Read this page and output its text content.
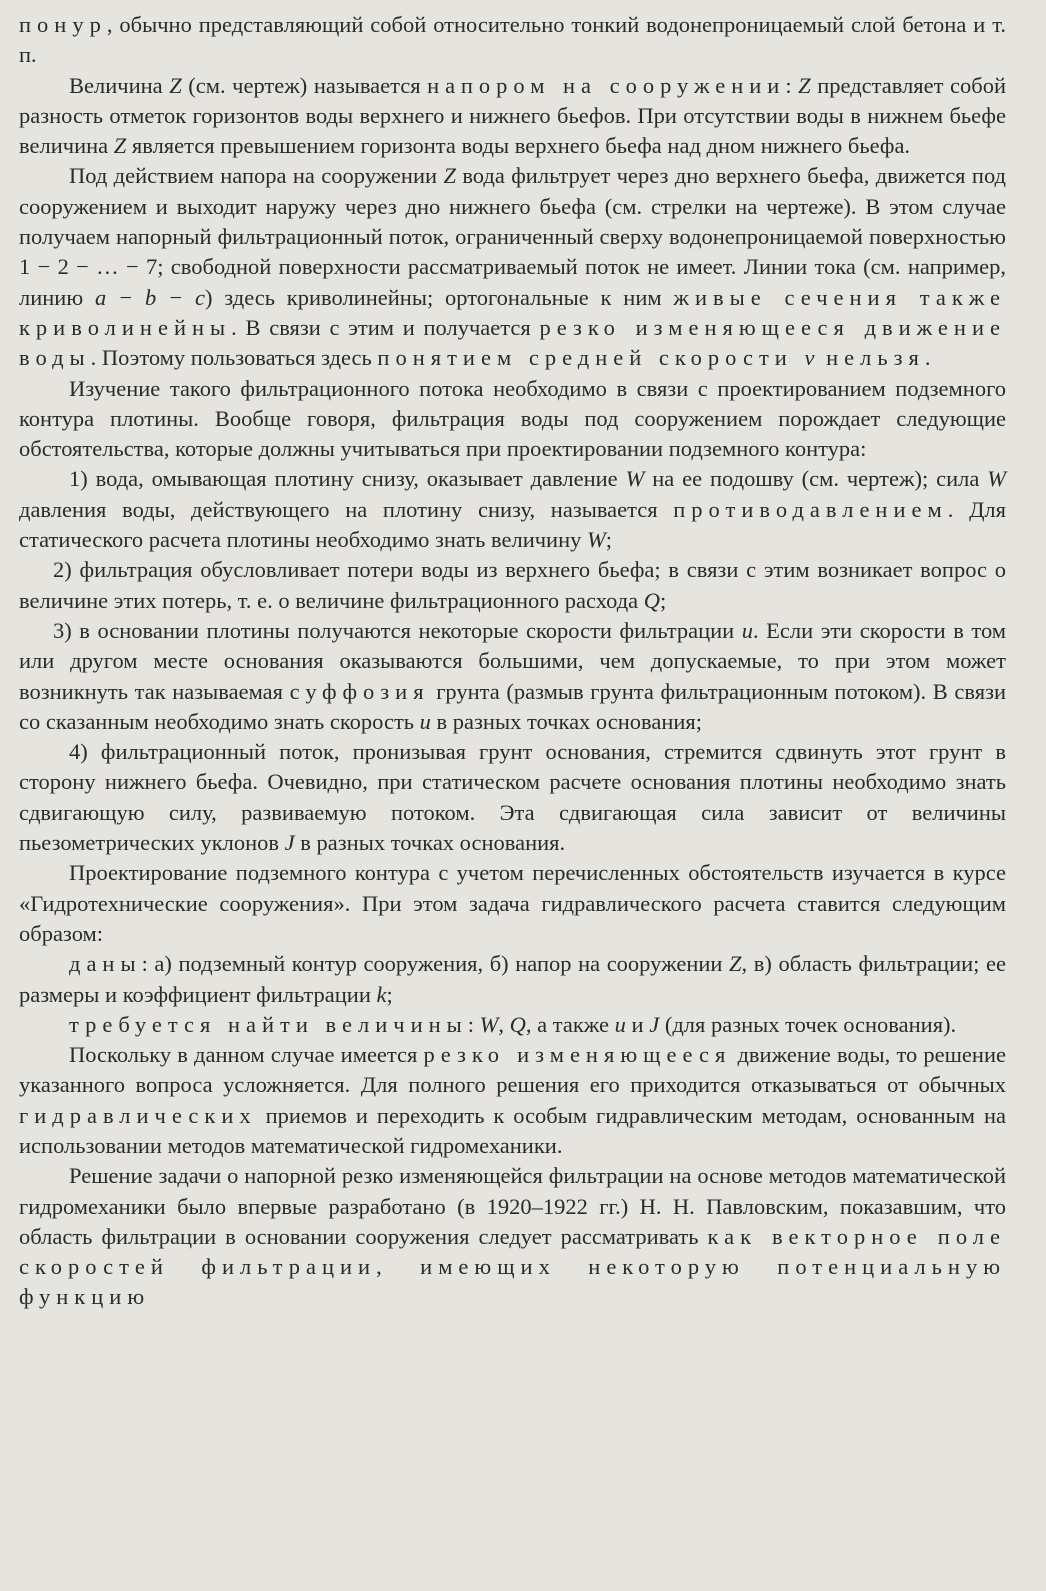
понур, обычно представляющий собой относительно тонкий водонепроницаемый слой бетона и т. п.

Величина Z (см. чертеж) называется напором на сооружении: Z представляет собой разность отметок горизонтов воды верхнего и нижнего бьефов. При отсутствии воды в нижнем бьефе величина Z является превышением горизонта воды верхнего бьефа над дном нижнего бьефа.

Под действием напора на сооружении Z вода фильтрует через дно верхнего бьефа, движется под сооружением и выходит наружу через дно нижнего бьефа (см. стрелки на чертеже). В этом случае получаем напорный фильтрационный поток, ограниченный сверху водонепроницаемой поверхностью 1 − 2 − … − 7; свободной поверхности рассматриваемый поток не имеет. Линии тока (см. например, линию a − b − c) здесь криволинейны; ортогональные к ним живые сечения также криволинейны. В связи с этим и получается резко изменяющееся движение воды. Поэтому пользоваться здесь понятием средней скорости v нельзя.

Изучение такого фильтрационного потока необходимо в связи с проектированием подземного контура плотины. Вообще говоря, фильтрация воды под сооружением порождает следующие обстоятельства, которые должны учитываться при проектировании подземного контура:

1) вода, омывающая плотину снизу, оказывает давление W на ее подошву (см. чертеж); сила W давления воды, действующего на плотину снизу, называется противодавлением. Для статического расчета плотины необходимо знать величину W;

2) фильтрация обусловливает потери воды из верхнего бьефа; в связи с этим возникает вопрос о величине этих потерь, т. е. о величине фильтрационного расхода Q;

3) в основании плотины получаются некоторые скорости фильтрации u. Если эти скорости в том или другом месте основания оказываются большими, чем допускаемые, то при этом может возникнуть так называемая суффозия грунта (размыв грунта фильтрационным потоком). В связи со сказанным необходимо знать скорость u в разных точках основания;

4) фильтрационный поток, пронизывая грунт основания, стремится сдвинуть этот грунт в сторону нижнего бьефа. Очевидно, при статическом расчете основания плотины необходимо знать сдвигающую силу, развиваемую потоком. Эта сдвигающая сила зависит от величины пьезометрических уклонов J в разных точках основания.

Проектирование подземного контура с учетом перечисленных обстоятельств изучается в курсе «Гидротехнические сооружения». При этом задача гидравлического расчета ставится следующим образом:

даны: а) подземный контур сооружения, б) напор на сооружении Z, в) область фильтрации; ее размеры и коэффициент фильтрации k;

требуется найти величины: W, Q, а также u и J (для разных точек основания).

Поскольку в данном случае имеется резко изменяющееся движение воды, то решение указанного вопроса усложняется. Для полного решения его приходится отказываться от обычных гидравлических приемов и переходить к особым гидравлическим методам, основанным на использовании методов математической гидромеханики.

Решение задачи о напорной резко изменяющейся фильтрации на основе методов математической гидромеханики было впервые разработано (в 1920–1922 гг.) Н. Н. Павловским, показавшим, что область фильтрации в основании сооружения следует рассматривать как векторное поле скоростей фильтрации, имеющих некоторую потенциальную функцию
